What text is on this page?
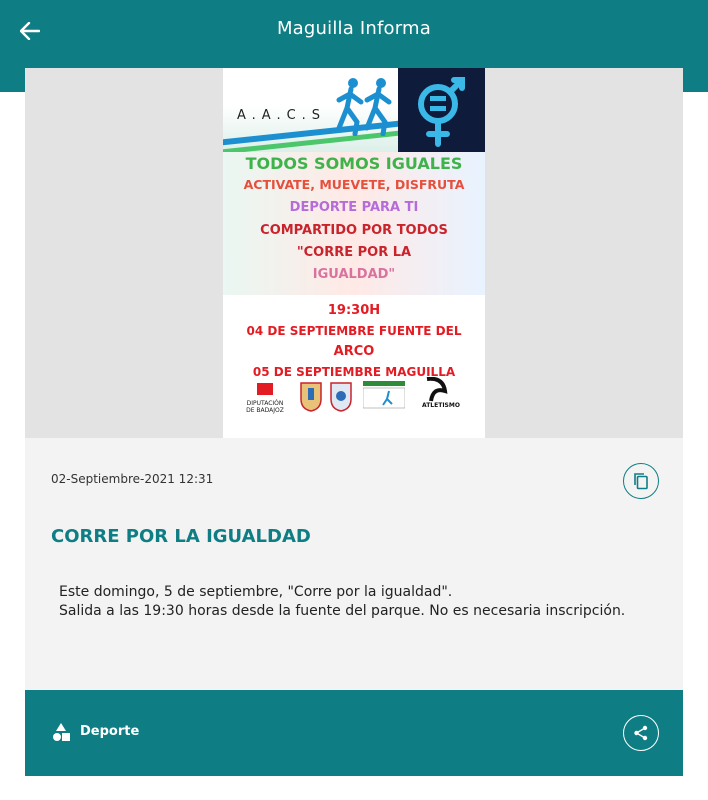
Maguilla Informa
A.A.C.S
TODOS SOMOS IGUALES
ACTIVATE, MUEVETE, DISFRUTA
DEPORTE PARA TI
COMPARTIDO POR TODOS
"CORRE POR LA
IGUALDAD"
19:30H
04 DE SEPTIEMBRE FUENTE DEL
ARCO
05 DE SEPTIEMBRE MAGUILLA
DIPUTACIÓN
DE BADAJOZ
ATLETISMO
02-Septiembre-2021 12:31
CORRE POR LA IGUALDAD
Este domingo, 5 de septiembre, "Corre por la igualdad".
Salida a las 19:30 horas desde la fuente del parque. No es necesaria inscripción.
Deporte
